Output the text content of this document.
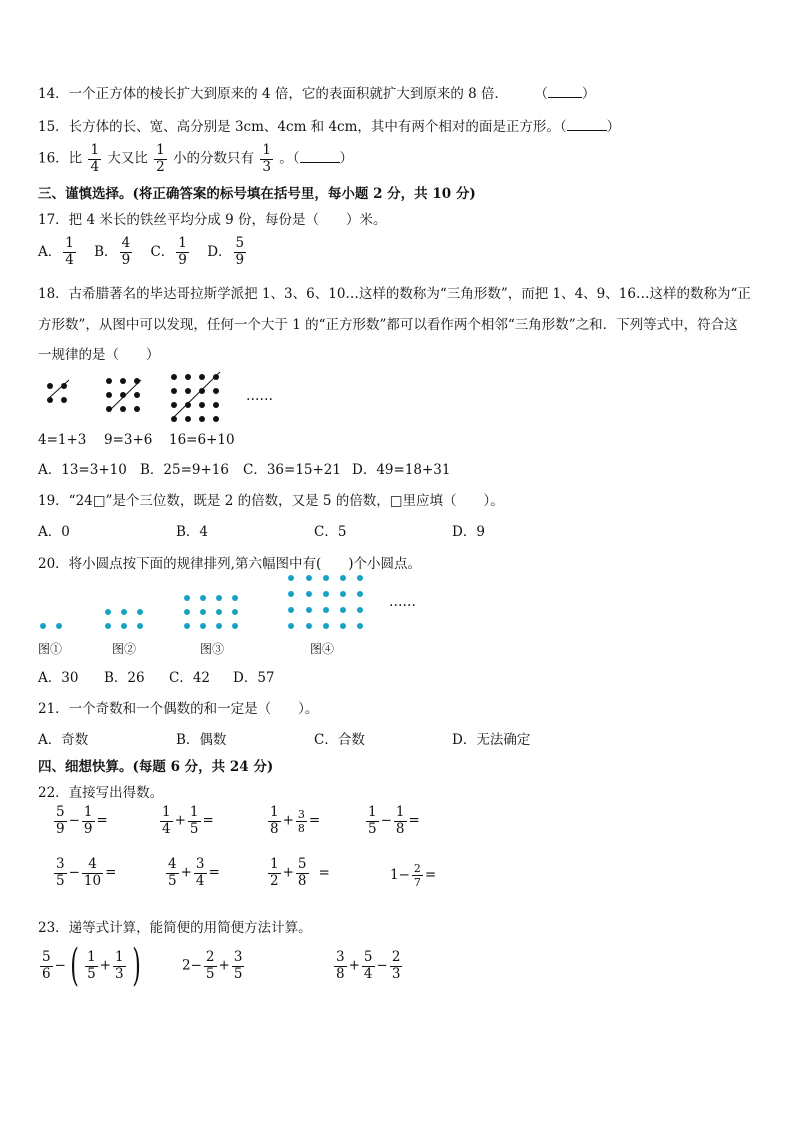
14．一个正方体的棱长扩大到原来的 4 倍，它的表面积就扩大到原来的 8 倍． （	）
15．长方体的长、宽、高分别是 3cm、4cm 和 4cm，其中有两个相对的面是正方形。（	）
16．比 $\frac{1}{4}$ 大又比 $\frac{1}{2}$ 小的分数只有 $\frac{1}{3}$ 。（	）
三、谨慎选择。(将正确答案的标号填在括号里，每小题 2 分，共 10 分)
17．把 4 米长的铁丝平均分成 9 份，每份是（　　）米。
A． $\frac{1}{4}$ B． $\frac{4}{9}$ C． $\frac{1}{9}$ D． $\frac{5}{9}$
18．古希腊著名的毕达哥拉斯学派把 1、3、6、10…这样的数称为“三角形数”，而把 1、4、9、16…这样的数称为“正
方形数”，从图中可以发现，任何一个大于 1 的“正方形数”都可以看作两个相邻“三角形数”之和．下列等式中，符合这
一规律的是（　　）
……
4=1+3 9=3+6 16=6+10
A．13=3+10 B．25=9+16 C．36=15+21 D．49=18+31
19．“24□”是个三位数，既是 2 的倍数，又是 5 的倍数，□里应填（　　）。
A．0	B．4	C．5	D．9
20．将小圆点按下面的规律排列,第六幅图中有(　　)个小圆点。
……
图①	图②	图③	图④
A．30 B．26 C．42 D．57
21．一个奇数和一个偶数的和一定是（　　）。
A．奇数	B．偶数	C．合数	D．无法确定
四、细想快算。(每题 6 分，共 24 分)
22．直接写出得数。
$\frac{5}{9} - \frac{1}{9}$ =	$\frac{1}{4} + \frac{1}{5}$ =	$\frac{1}{8} + \frac{3}{8}$ =	$\frac{1}{5} - \frac{1}{8}$ =
$\frac{3}{5} - \frac{4}{10}$ =	$\frac{4}{5} + \frac{3}{4}$ =	$\frac{1}{2} + \frac{5}{8}$ =	$1- \frac{2}{7}$ =
23．递等式计算，能简便的用简便方法计算。
$\frac{5}{6}$ −( $\frac{1}{5} + \frac{1}{3}$ )	$2- \frac{2}{5} + \frac{3}{5}$	$\frac{3}{8} + \frac{5}{4} - \frac{2}{3}$
